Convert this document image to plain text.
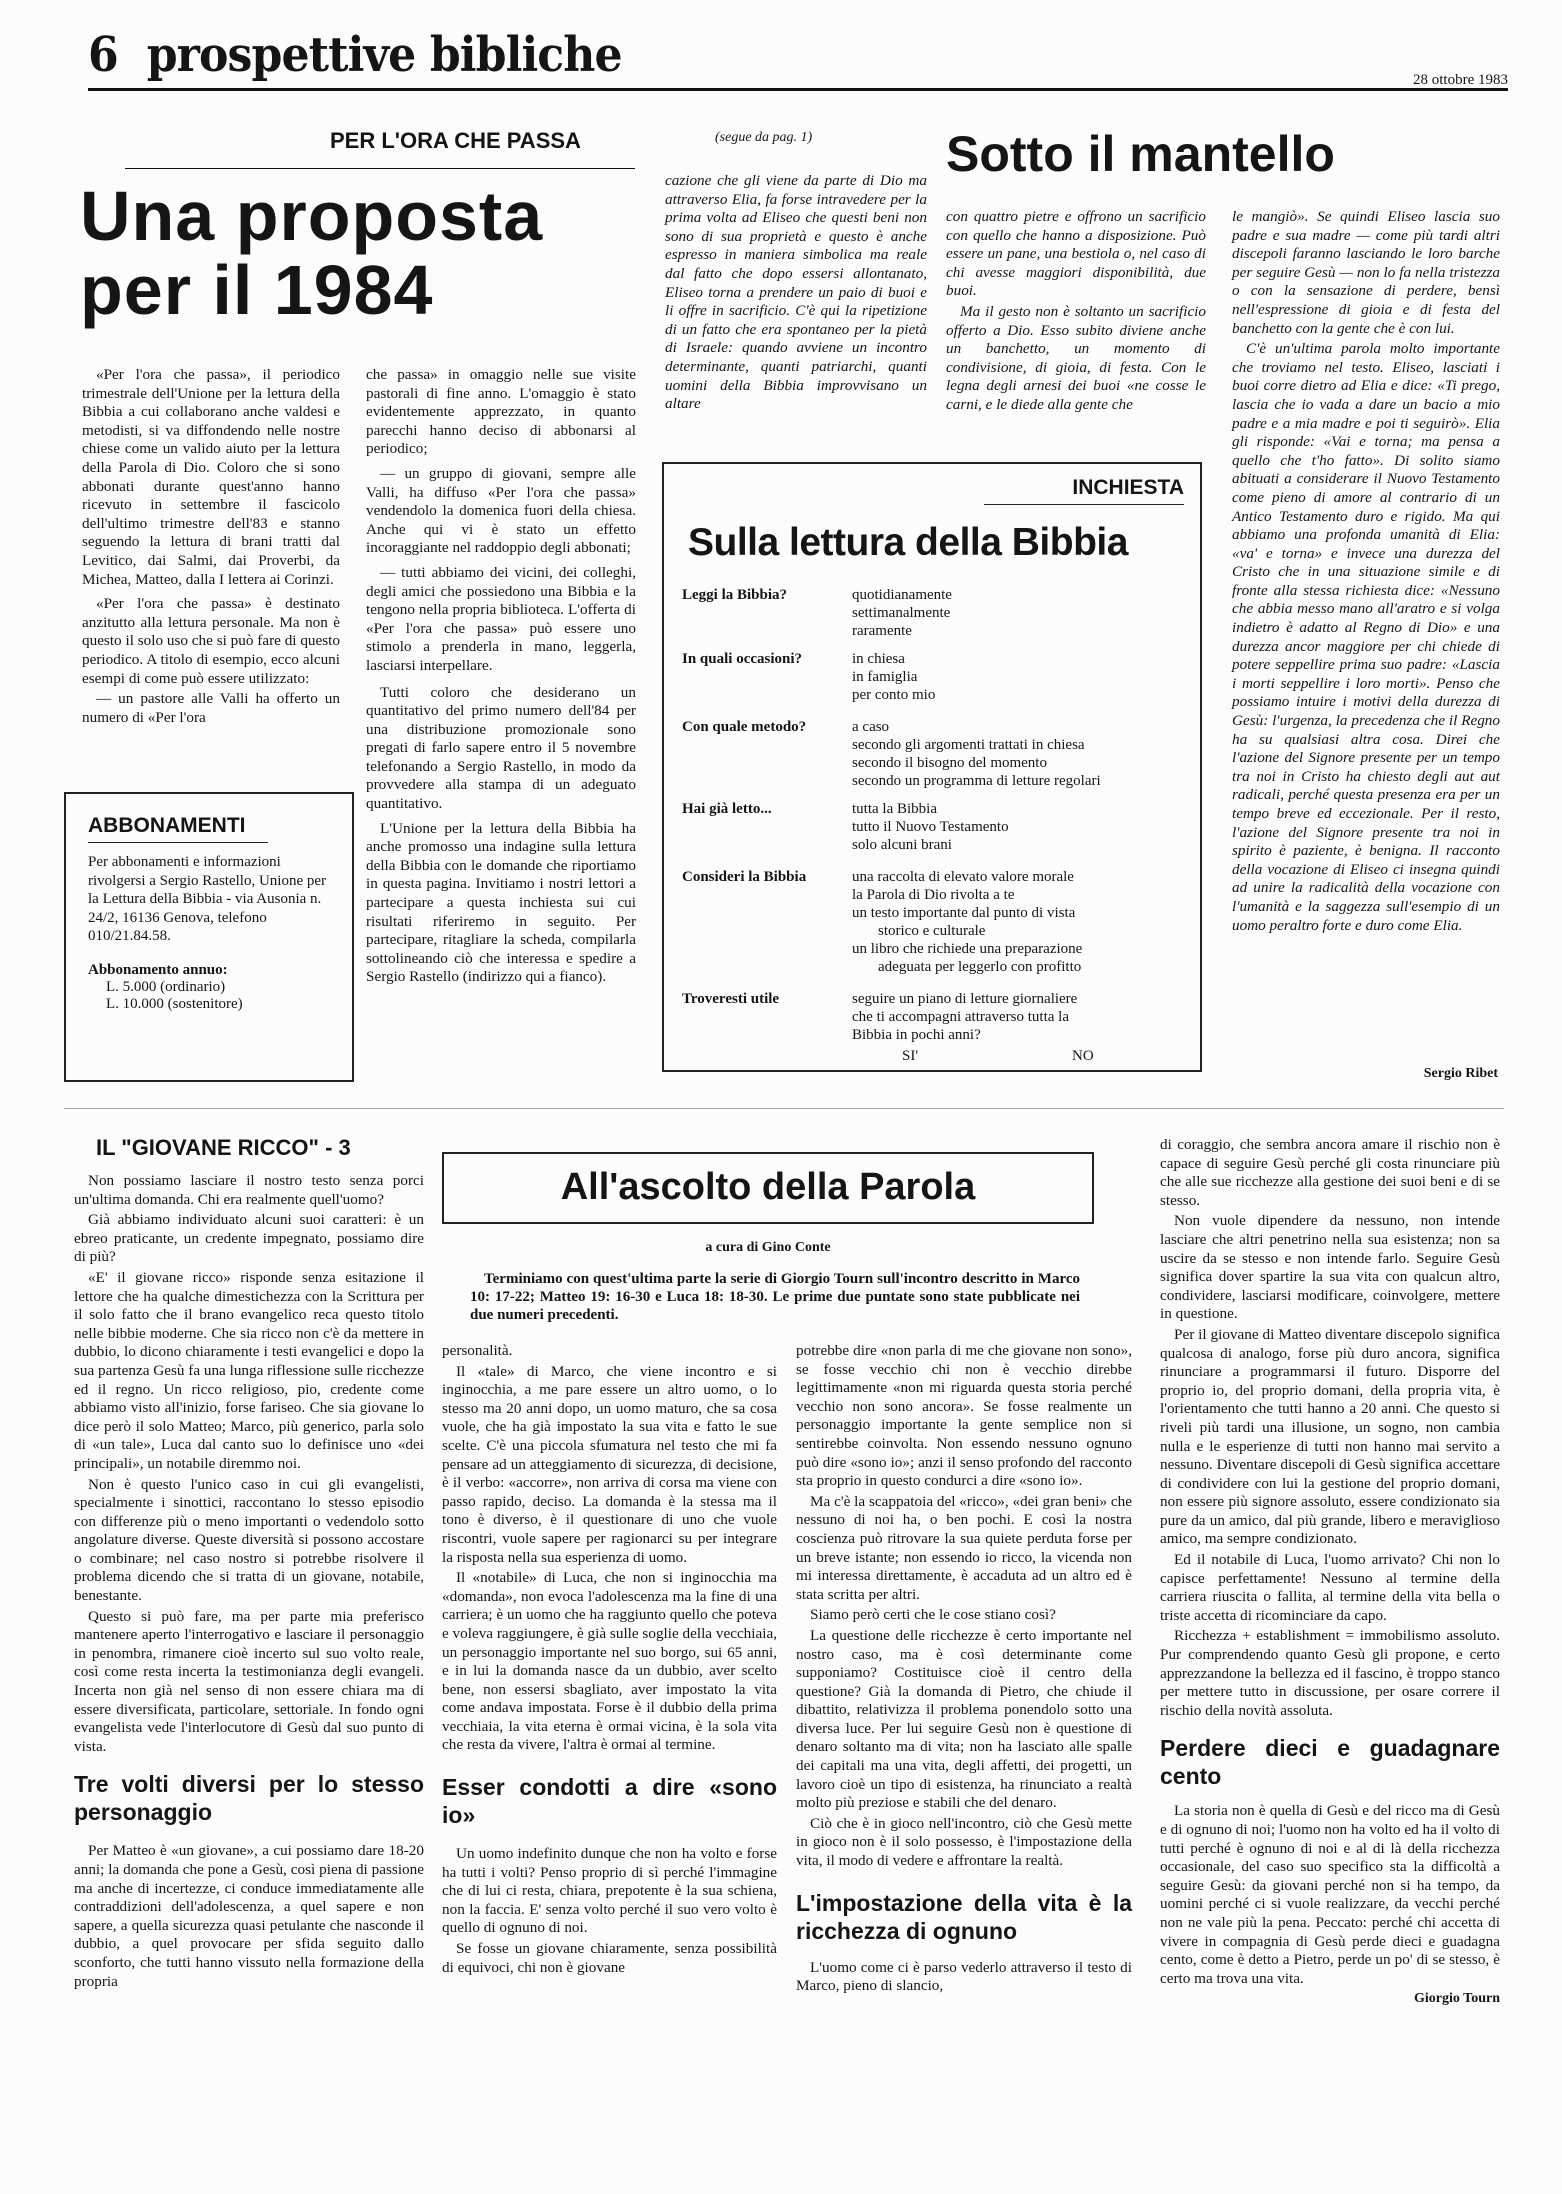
6 prospettive bibliche	28 ottobre 1983
PER L'ORA CHE PASSA
Una proposta
per il 1984

«Per l'ora che passa», il periodico trimestrale dell'Unione per la lettura della Bibbia a cui collaborano anche valdesi e metodisti, si va diffondendo nelle nostre chiese come un valido aiuto per la lettura della Parola di Dio. Coloro che si sono abbonati durante quest'anno hanno ricevuto in settembre il fascicolo dell'ultimo trimestre dell'83 e stanno seguendo la lettura di brani tratti dal Levitico, dai Salmi, dai Proverbi, da Michea, Matteo, dalla I lettera ai Corinzi.

«Per l'ora che passa» è destinato anzitutto alla lettura personale. Ma non è questo il solo uso che si può fare di questo periodico. A titolo di esempio, ecco alcuni esempi di come può essere utilizzato:

— un pastore alle Valli ha offerto un numero di «Per l'ora

che passa» in omaggio nelle sue visite pastorali di fine anno. L'omaggio è stato evidentemente apprezzato, in quanto parecchi hanno deciso di abbonarsi al periodico;

— un gruppo di giovani, sempre alle Valli, ha diffuso «Per l'ora che passa» vendendolo la domenica fuori della chiesa. Anche qui vi è stato un effetto incoraggiante nel raddoppio degli abbonati;

— tutti abbiamo dei vicini, dei colleghi, degli amici che possiedono una Bibbia e la tengono nella propria biblioteca. L'offerta di «Per l'ora che passa» può essere uno stimolo a prenderla in mano, leggerla, lasciarsi interpellare.

Tutti coloro che desiderano un quantitativo del primo numero dell'84 per una distribuzione promozionale sono pregati di farlo sapere entro il 5 novembre telefonando a Sergio Rastello, in modo da provvedere alla stampa di un adeguato quantitativo.

L'Unione per la lettura della Bibbia ha anche promosso una indagine sulla lettura della Bibbia con le domande che riportiamo in questa pagina. Invitiamo i nostri lettori a partecipare a questa inchiesta sui cui risultati riferiremo in seguito. Per partecipare, ritagliare la scheda, compilarla sottolineando ciò che interessa e spedire a Sergio Rastello (indirizzo qui a fianco).

ABBONAMENTI
Per abbonamenti e informazioni rivolgersi a Sergio Rastello, Unione per la Lettura della Bibbia - via Ausonia n. 24/2, 16136 Genova, telefono 010/21.84.58.
Abbonamento annuo:
L. 5.000 (ordinario)
L. 10.000 (sostenitore)
(segue da pag. 1)	Sotto il mantello

cazione che gli viene da parte di Dio ma attraverso Elia, fa forse intravedere per la prima volta ad Eliseo che questi beni non sono di sua proprietà e questo è anche espresso in maniera simbolica ma reale dal fatto che dopo essersi allontanato, Eliseo torna a prendere un paio di buoi e li offre in sacrificio. C'è qui la ripetizione di un fatto che era spontaneo per la pietà di Israele: quando avviene un incontro determinante, quanti patriarchi, quanti uomini della Bibbia improvvisano un altare

con quattro pietre e offrono un sacrificio con quello che hanno a disposizione. Può essere un pane, una bestiola o, nel caso di chi avesse maggiori disponibilità, due buoi.

Ma il gesto non è soltanto un sacrificio offerto a Dio. Esso subito diviene anche un banchetto, un momento di condivisione, di gioia, di festa. Con le legna degli arnesi dei buoi «ne cosse le carni, e le diede alla gente che

le mangiò». Se quindi Eliseo lascia suo padre e sua madre — come più tardi altri discepoli faranno lasciando le loro barche per seguire Gesù — non lo fa nella tristezza o con la sensazione di perdere, bensì nell'espressione di gioia e di festa del banchetto con la gente che è con lui.

C'è un'ultima parola molto importante che troviamo nel testo. Eliseo, lasciati i buoi corre dietro ad Elia e dice: «Ti prego, lascia che io vada a dare un bacio a mio padre e a mia madre e poi ti seguirò». Elia gli risponde: «Vai e torna; ma pensa a quello che t'ho fatto». Di solito siamo abituati a considerare il Nuovo Testamento come pieno di amore al contrario di un Antico Testamento duro e rigido. Ma qui abbiamo una profonda umanità di Elia: «va' e torna» e invece una durezza del Cristo che in una situazione simile e di fronte alla stessa richiesta dice: «Nessuno che abbia messo mano all'aratro e si volga indietro è adatto al Regno di Dio» e una durezza ancor maggiore per chi chiede di potere seppellire prima suo padre: «Lascia i morti seppellire i loro morti». Penso che possiamo intuire i motivi della durezza di Gesù: l'urgenza, la precedenza che il Regno ha su qualsiasi altra cosa. Direi che l'azione del Signore presente per un tempo tra noi in Cristo ha chiesto degli aut aut radicali, perché questa presenza era per un tempo breve ed eccezionale. Per il resto, l'azione del Signore presente tra noi in spirito è paziente, è benigna. Il racconto della vocazione di Eliseo ci insegna quindi ad unire la radicalità della vocazione con l'umanità e la saggezza sull'esempio di un uomo peraltro forte e duro come Elia.

Sergio Ribet
INCHIESTA
Sulla lettura della Bibbia
Leggi la Bibbia?	quotidianamente
settimanalmente
raramente
In quali occasioni?	in chiesa
in famiglia
per conto mio
Con quale metodo?	a caso
secondo gli argomenti trattati in chiesa
secondo il bisogno del momento
secondo un programma di letture regolari
Hai già letto...	tutta la Bibbia
tutto il Nuovo Testamento
solo alcuni brani
Consideri la Bibbia	una raccolta di elevato valore morale
la Parola di Dio rivolta a te
un testo importante dal punto di vista
storico e culturale
un libro che richiede una preparazione
adeguata per leggerlo con profitto
Troveresti utile	seguire un piano di letture giornaliere
che ti accompagni attraverso tutta la
Bibbia in pochi anni?
SI'	NO
IL "GIOVANE RICCO" - 3

Non possiamo lasciare il nostro testo senza porci un'ultima domanda. Chi era realmente quell'uomo?

Già abbiamo individuato alcuni suoi caratteri: è un ebreo praticante, un credente impegnato, possiamo dire di più?

«E' il giovane ricco» risponde senza esitazione il lettore che ha qualche dimestichezza con la Scrittura per il solo fatto che il brano evangelico reca questo titolo nelle bibbie moderne. Che sia ricco non c'è da mettere in dubbio, lo dicono chiaramente i testi evangelici e dopo la sua partenza Gesù fa una lunga riflessione sulle ricchezze ed il regno. Un ricco religioso, pio, credente come abbiamo visto all'inizio, forse fariseo. Che sia giovane lo dice però il solo Matteo; Marco, più generico, parla solo di «un tale», Luca dal canto suo lo definisce uno «dei principali», un notabile diremmo noi.

Non è questo l'unico caso in cui gli evangelisti, specialmente i sinottici, raccontano lo stesso episodio con differenze più o meno importanti o vedendolo sotto angolature diverse. Queste diversità si possono accostare o combinare; nel caso nostro si potrebbe risolvere il problema dicendo che si tratta di un giovane, notabile, benestante.

Questo si può fare, ma per parte mia preferisco mantenere aperto l'interrogativo e lasciare il personaggio in penombra, rimanere cioè incerto sul suo volto reale, così come resta incerta la testimonianza degli evangeli. Incerta non già nel senso di non essere chiara ma di essere diversificata, particolare, settoriale. In fondo ogni evangelista vede l'interlocutore di Gesù dal suo punto di vista.

Tre volti diversi per lo stesso personaggio

Per Matteo è «un giovane», a cui possiamo dare 18-20 anni; la domanda che pone a Gesù, così piena di passione ma anche di incertezze, ci conduce immediatamente alle contraddizioni dell'adolescenza, a quel sapere e non sapere, a quella sicurezza quasi petulante che nasconde il dubbio, a quel provocare per sfida seguito dallo sconforto, che tutti hanno vissuto nella formazione della propria

All'ascolto della Parola
a cura di Gino Conte
Terminiamo con quest'ultima parte la serie di Giorgio Tourn sull'incontro descritto in Marco 10: 17-22; Matteo 19: 16-30 e Luca 18: 18-30. Le prime due puntate sono state pubblicate nei due numeri precedenti.

personalità.

Il «tale» di Marco, che viene incontro e si inginocchia, a me pare essere un altro uomo, o lo stesso ma 20 anni dopo, un uomo maturo, che sa cosa vuole, che ha già impostato la sua vita e fatto le sue scelte. C'è una piccola sfumatura nel testo che mi fa pensare ad un atteggiamento di sicurezza, di decisione, è il verbo: «accorre», non arriva di corsa ma viene con passo rapido, deciso. La domanda è la stessa ma il tono è diverso, è il questionare di uno che vuole riscontri, vuole sapere per ragionarci su per integrare la risposta nella sua esperienza di uomo.

Il «notabile» di Luca, che non si inginocchia ma «domanda», non evoca l'adolescenza ma la fine di una carriera; è un uomo che ha raggiunto quello che poteva e voleva raggiungere, è già sulle soglie della vecchiaia, un personaggio importante nel suo borgo, sui 65 anni, e in lui la domanda nasce da un dubbio, aver scelto bene, non essersi sbagliato, aver impostato la vita come andava impostata. Forse è il dubbio della prima vecchiaia, la vita eterna è ormai vicina, è la sola vita che resta da vivere, l'altra è ormai al termine.

Esser condotti a dire «sono io»

Un uomo indefinito dunque che non ha volto e forse ha tutti i volti? Penso proprio di sì perché l'immagine che di lui ci resta, chiara, prepotente è la sua schiena, non la faccia. E' senza volto perché il suo vero volto è quello di ognuno di noi.

Se fosse un giovane chiaramente, senza possibilità di equivoci, chi non è giovane

potrebbe dire «non parla di me che giovane non sono», se fosse vecchio chi non è vecchio direbbe legittimamente «non mi riguarda questa storia perché vecchio non sono ancora». Se fosse realmente un personaggio importante la gente semplice non si sentirebbe coinvolta. Non essendo nessuno ognuno può dire «sono io»; anzi il senso profondo del racconto sta proprio in questo condurci a dire «sono io».

Ma c'è la scappatoia del «ricco», «dei gran beni» che nessuno di noi ha, o ben pochi. E così la nostra coscienza può ritrovare la sua quiete perduta forse per un breve istante; non essendo io ricco, la vicenda non mi interessa direttamente, è accaduta ad un altro ed è stata scritta per altri.

Siamo però certi che le cose stiano così?

La questione delle ricchezze è certo importante nel nostro caso, ma è così determinante come supponiamo? Costituisce cioè il centro della questione? Già la domanda di Pietro, che chiude il dibattito, relativizza il problema ponendolo sotto una diversa luce. Per lui seguire Gesù non è questione di denaro soltanto ma di vita; non ha lasciato alle spalle dei capitali ma una vita, degli affetti, dei progetti, un lavoro cioè un tipo di esistenza, ha rinunciato a realtà molto più preziose e stabili che del denaro.

Ciò che è in gioco nell'incontro, ciò che Gesù mette in gioco non è il solo possesso, è l'impostazione della vita, il modo di vedere e affrontare la realtà.

L'impostazione della vita è la ricchezza di ognuno

L'uomo come ci è parso vederlo attraverso il testo di Marco, pieno di slancio,

di coraggio, che sembra ancora amare il rischio non è capace di seguire Gesù perché gli costa rinunciare più che alle sue ricchezze alla gestione dei suoi beni e di se stesso.

Non vuole dipendere da nessuno, non intende lasciare che altri penetrino nella sua esistenza; non sa uscire da se stesso e non intende farlo. Seguire Gesù significa dover spartire la sua vita con qualcun altro, condividere, lasciarsi modificare, coinvolgere, mettere in questione.

Per il giovane di Matteo diventare discepolo significa qualcosa di analogo, forse più duro ancora, significa rinunciare a programmarsi il futuro. Disporre del proprio io, del proprio domani, della propria vita, è l'orientamento che tutti hanno a 20 anni. Che questo si riveli più tardi una illusione, un sogno, non cambia nulla e le esperienze di tutti non hanno mai servito a nessuno. Diventare discepoli di Gesù significa accettare di condividere con lui la gestione del proprio domani, non essere più signore assoluto, essere condizionato sia pure da un amico, dal più grande, libero e meraviglioso amico, ma sempre condizionato.

Ed il notabile di Luca, l'uomo arrivato? Chi non lo capisce perfettamente! Nessuno al termine della carriera riuscita o fallita, al termine della vita bella o triste accetta di ricominciare da capo.

Ricchezza + establishment = immobilismo assoluto. Pur comprendendo quanto Gesù gli propone, e certo apprezzandone la bellezza ed il fascino, è troppo stanco per mettere tutto in discussione, per osare correre il rischio della novità assoluta.

Perdere dieci e guadagnare cento

La storia non è quella di Gesù e del ricco ma di Gesù e di ognuno di noi; l'uomo non ha volto ed ha il volto di tutti perché è ognuno di noi e al di là della ricchezza occasionale, del caso suo specifico sta la difficoltà a seguire Gesù: da giovani perché non si ha tempo, da uomini perché ci si vuole realizzare, da vecchi perché non ne vale più la pena. Peccato: perché chi accetta di vivere in compagnia di Gesù perde dieci e guadagna cento, come è detto a Pietro, perde un po' di se stesso, è certo ma trova una vita.

Giorgio Tourn
